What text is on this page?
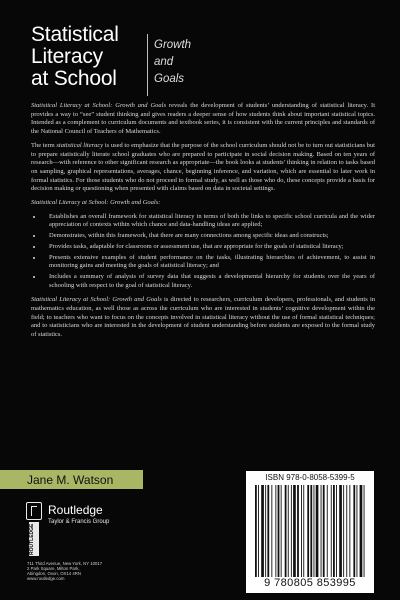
Statistical
Literacy
at School
Growth
and
Goals

Statistical Literacy at School: Growth and Goals reveals the development of students’ understanding of statistical literacy. It provides a way to “see” student thinking and gives readers a deeper sense of how students think about important statistical topics. Intended as a complement to curriculum documents and textbook series, it is consistent with the current principles and standards of the National Council of Teachers of Mathematics.

The term statistical literacy is used to emphasize that the purpose of the school curriculum should not be to turn out statisticians but to prepare statistically literate school graduates who are prepared to participate in social decision making. Based on ten years of research—with reference to other significant research as appropriate—the book looks at students’ thinking in relation to tasks based on sampling, graphical representations, averages, chance, beginning inference, and variation, which are essential to later work in formal statistics. For those students who do not proceed to formal study, as well as those who do, these concepts provide a basis for decision making or questioning when presented with claims based on data in societal settings.

Statistical Literacy at School: Growth and Goals:

• Establishes an overall framework for statistical literacy in terms of both the links to specific school curricula and the wider appreciation of contexts within which chance and data-handling ideas are applied;
• Demonstrates, within this framework, that there are many connections among specific ideas and constructs;
• Provides tasks, adaptable for classroom or assessment use, that are appropriate for the goals of statistical literacy;
• Presents extensive examples of student performance on the tasks, illustrating hierarchies of achievement, to assist in monitoring gains and meeting the goals of statistical literacy; and
• Includes a summary of analysis of survey data that suggests a developmental hierarchy for students over the years of schooling with respect to the goal of statistical literacy.

Statistical Literacy at School: Growth and Goals is directed to researchers, curriculum developers, professionals, and students in mathematics education, as well those as across the curriculum who are interested in students’ cognitive development within the field; to teachers who want to focus on the concepts involved in statistical literacy without the use of formal statistical techniques; and to statisticians who are interested in the development of student understanding before students are exposed to the formal study of statistics.

Jane M. Watson
ROUTLEDGE
Routledge
Taylor & Francis Group
711 Third Avenue, New York, NY 10017
2 Park Square, Milton Park,
Abingdon, Oxon, OX14 4RN
www.routledge.com
ISBN 978-0-8058-5399-5
9 780805 853995
